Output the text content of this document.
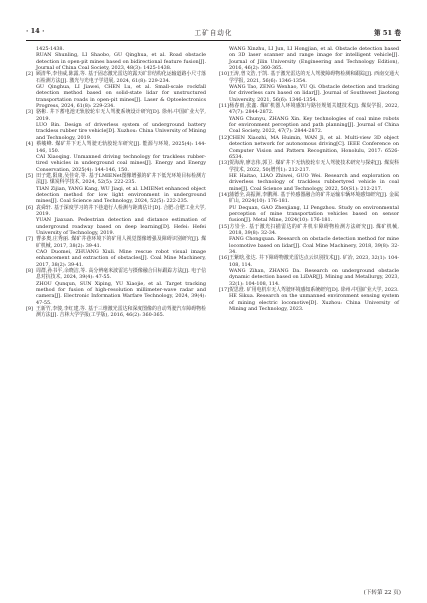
· 14 ·	工矿自动化	第 51 卷

1425-1438.

RUAN Shunling, LI Shaobo, GU Qinghua, et al. Road obstacle detection in open-pit mines based on bidirectional feature fusion[J]. Journal of China Coal Society, 2023, 48(3): 1425-1438.

[2] 顾清华,李佳威,陈露,等. 基于固态激光雷达的露天矿非结构化运输道路小尺寸落石检测方法[J]. 激光与光电子学进展, 2024, 61(8): 229-234.

GU Qinghua, LI Jiawei, CHEN Lu, et al. Small-scale rockfall detection method based on solid-state lidar for unstructured transportation roads in open-pit mines[J]. Laser & Optoelectronics Progress, 2024, 61(8): 229-234.

[3] 骆彬. 井下蓄电池无轨胶轮车无人驾驶系统设计研究[D]. 徐州:中国矿业大学, 2019.

LUO Bin. Design of driverless system of underground battery trackless rubber tire vehicle[D]. Xuzhou: China University of Mining and Technology, 2019.

[4] 蔡峻峰. 煤矿井下无人驾驶无轨胶轮车研究[J]. 能源与环境, 2025(4): 144-146, 150.

CAI Xiaoqing. Unmanned driving technology for trackless rubber-tired vehicles in underground coal mines[J]. Energy and Energy Conservation, 2025(4): 144-146, 150.

[5] 田子建,阳康,吴佳奇,等. 基于LMIENet图像增强的矿井下低光环境目标检测方法[J]. 煤炭科学技术, 2024, 52(5): 222-235.

TIAN Zijian, YANG Kang, WU Jiaqi, et al. LMIENet enhanced object detection method for low light environment in underground mines[J]. Coal Science and Technology, 2024, 52(5): 222-235.

[6] 袁舜轩. 基于深度学习的井下巷道行人检测与距离估计[D]. 合肥:合肥工业大学, 2019.

YUAN Jiaxuan. Pedestrian detection and distance estimation of underground roadway based on deep learning[D]. Hefei: Hefei University of Technology, 2019.

[7] 曹多奥,庄秀丽. 煤矿井巷环境下的矿用人视觉图像增强及障碍识别研究[J]. 煤矿机械, 2017, 38(2): 39-41.

CAO Duomei, ZHUANG Xiuli. Mine rescue robot visual image enhancement and extraction of obstacles[J]. Coal Mine Machinery, 2017, 38(2): 39-41.

[8] 周群,孙书平,余晓洁,等. 高分辨毫米波雷达与摄像融合目标跟踪方法[J]. 电子信息对抗技术, 2024, 39(4): 47-55.

ZHOU Qunqun, SUN Xiping, YU Xiaojie, et al. Target tracking method for fusion of high-resolution millimeter-wave radar and camera[J]. Electronic Information Warfare Technology, 2024, 39(4): 47-55.

[9] 王新竹,李骏,李红建,等. 基于三维激光雷达和深度图像的自动驾驶汽车障碍物检测方法[J]. 吉林大学学报(工学版), 2016, 46(2): 360-365.

WANG Xinzhu, LI Jun, LI Hongjian, et al. Obstacle detection based on 3D laser scanner and range image for intelligent vehicle[J]. Journal of Jilin University (Engineering and Technology Edition), 2016, 46(2): 360-365.

[10]王涛,曾文浩,于凯. 基于激光雷达的无人驾驶障碍物检测和跟踪[J]. 西南交通大学学报, 2021, 56(6): 1346-1354.

WANG Tao, ZENG Wenhao, YU Qi. Obstacle detection and tracking for driverless cars based on lidar[J]. Journal of Southwest Jiaotong University, 2021, 56(6): 1346-1354.

[11]杨春雨,张鑫. 煤矿机器人环境感知与路径规划关键技术[J]. 煤炭学报, 2022, 47(7): 2844-2872.

YANG Chunyu, ZHANG Xin. Key technologies of coal mine robots for environment perception and path planning[J]. Journal of China Coal Society, 2022, 47(7): 2844-2872.

[12]CHEN Xiaozhi, MA Huimin, WAN Ji, et al. Multi-view 3D object detection network for autonomous driving[C]. IEEE Conference on Computer Vision and Pattern Recognition, Honolulu, 2017: 6526-6534.

[13]贺海涛,廖志伟,郭卫. 煤矿井下无轨胶轮车无人驾驶技术研究与探索[J]. 煤炭科学技术, 2022, 50(增刊1): 212-217.

HE Haitao, LIAO Zhiwei, GUO Wei. Research and exploration on driverless technology of trackless rubbertyred vehicle in coal mine[J]. Coal Science and Technology, 2022, 50(S1): 212-217.

[14]蒲德全,高振洲,李鹏洲. 基于传感器融合的矿井运输车辆环境感知研究[J]. 金属矿山, 2024(10): 176-181.

PU Dequan, GAO Zhenjiang, LI Pengzhou. Study on environmental perception of mine transportation vehicles based on sensor fusion[J]. Metal Mine, 2024(10): 176-181.

[15]方崇全. 基于激光扫描雷达的矿井机车障碍物检测方法研究[J]. 煤矿机械, 2018, 39(8): 32-34.

FANG Chongquan. Research on obstacle detection method for mine locomotive based on lidar[J]. Coal Mine Machinery, 2018, 39(8): 32-34.

[16]王紫晗,张达. 井下障碍物激光雷达点云识别技术[J]. 矿冶, 2023, 32(1): 104-108, 114.

WANG Zihan, ZHANG Da. Research on underground obstacle dynamic detection based on LiDAR[J]. Mining and Metallurgy, 2023, 32(1): 104-108, 114.

[17]贺思澄. 矿用电机车无人驾驶环境感知系统研究[D]. 徐州:中国矿业大学, 2023.

HE Sikua. Research on the unmanned environment sensing system of mining electric locomotive[D]. Xuzhou: China University of Mining and Technology, 2023.

(下转第 22 页)
